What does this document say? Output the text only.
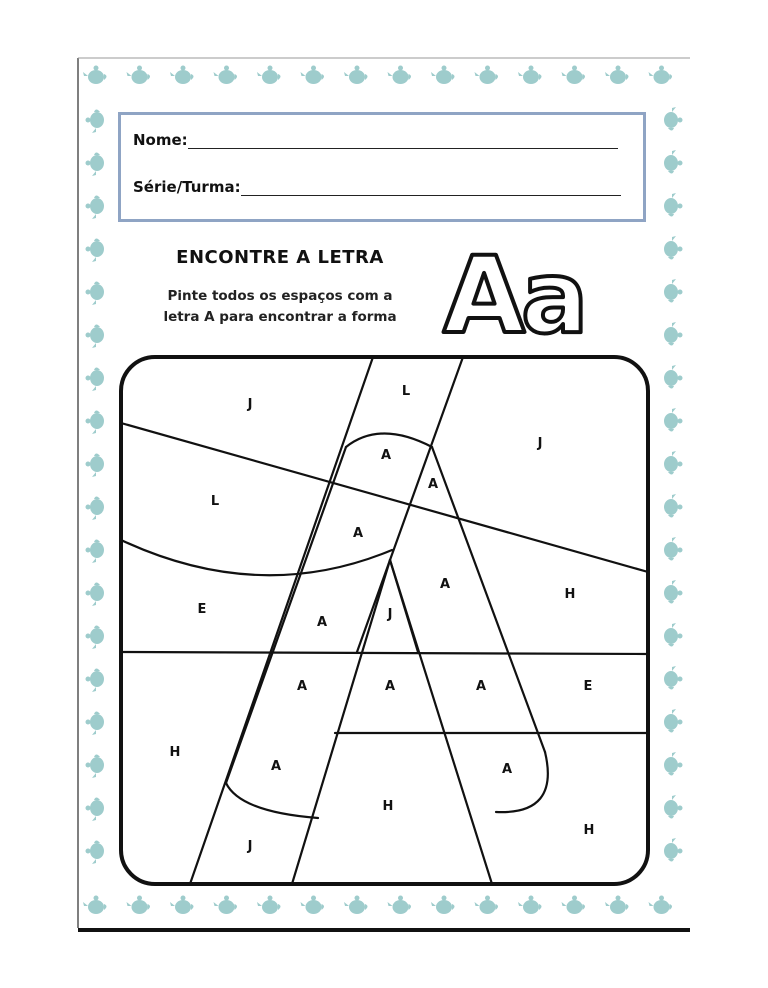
Nome:
Série/Turma:
ENCONTRE A LETRA
Pinte todos os espaços com a
letra A para encontrar a forma A
a
J
L
J
A
A
L
A
A
H
E
A
J
A	A	A	E
H
A	A
H
H
J
